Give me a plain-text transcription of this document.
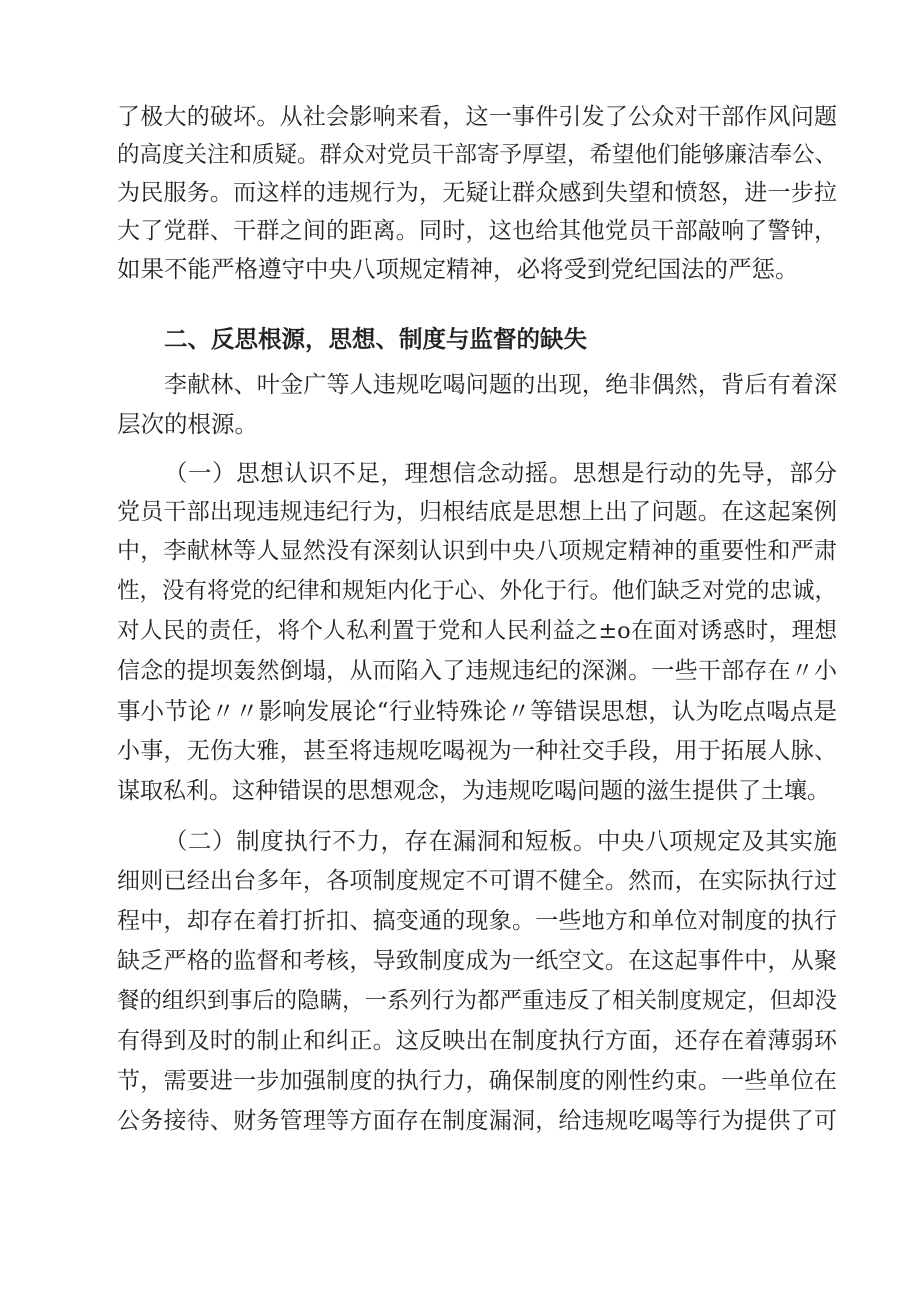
了极大的破坏。从社会影响来看，这一事件引发了公众对干部作风问题
的高度关注和质疑。群众对党员干部寄予厚望，希望他们能够廉洁奉公、
为民服务。而这样的违规行为，无疑让群众感到失望和愤怒，进一步拉
大了党群、干群之间的距离。同时，这也给其他党员干部敲响了警钟，
如果不能严格遵守中央八项规定精神，必将受到党纪国法的严惩。
二、反思根源，思想、制度与监督的缺失
李献林、叶金广等人违规吃喝问题的出现，绝非偶然，背后有着深
层次的根源。
（一）思想认识不足，理想信念动摇。思想是行动的先导，部分
党员干部出现违规违纪行为，归根结底是思想上出了问题。在这起案例
中，李献林等人显然没有深刻认识到中央八项规定精神的重要性和严肃
性，没有将党的纪律和规矩内化于心、外化于行。他们缺乏对党的忠诚，
对人民的责任，将个人私利置于党和人民利益之±o在面对诱惑时，理想
信念的提坝轰然倒塌，从而陷入了违规违纪的深渊。一些干部存在〃小
事小节论〃〃影响发展论“行业特殊论〃等错误思想，认为吃点喝点是
小事，无伤大雅，甚至将违规吃喝视为一种社交手段，用于拓展人脉、
谋取私利。这种错误的思想观念，为违规吃喝问题的滋生提供了土壤。
（二）制度执行不力，存在漏洞和短板。中央八项规定及其实施
细则已经出台多年，各项制度规定不可谓不健全。然而，在实际执行过
程中，却存在着打折扣、搞变通的现象。一些地方和单位对制度的执行
缺乏严格的监督和考核，导致制度成为一纸空文。在这起事件中，从聚
餐的组织到事后的隐瞒，一系列行为都严重违反了相关制度规定，但却没
有得到及时的制止和纠正。这反映出在制度执行方面，还存在着薄弱环
节，需要进一步加强制度的执行力，确保制度的刚性约束。一些单位在
公务接待、财务管理等方面存在制度漏洞，给违规吃喝等行为提供了可
